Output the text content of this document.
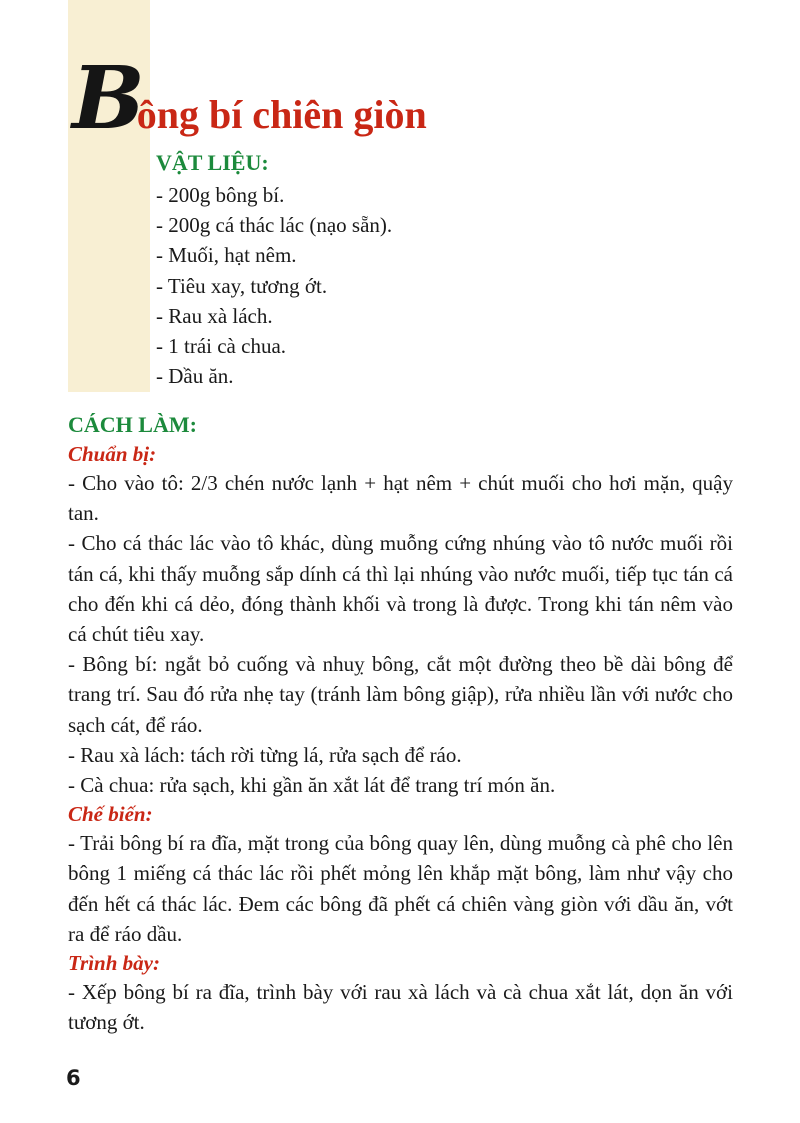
B
ông bí chiên giòn
VẬT LIỆU:
- 200g bông bí.
- 200g cá thác lác (nạo sẵn).
- Muối, hạt nêm.
- Tiêu xay, tương ớt.
- Rau xà lách.
- 1 trái cà chua.
- Dầu ăn.
CÁCH LÀM:
Chuẩn bị:

- Cho vào tô: 2/3 chén nước lạnh + hạt nêm + chút muối cho hơi mặn, quậy tan.

- Cho cá thác lác vào tô khác, dùng muỗng cứng nhúng vào tô nước muối rồi tán cá, khi thấy muỗng sắp dính cá thì lại nhúng vào nước muối, tiếp tục tán cá cho đến khi cá dẻo, đóng thành khối và trong là được. Trong khi tán nêm vào cá chút tiêu xay.

- Bông bí: ngắt bỏ cuống và nhuỵ bông, cắt một đường theo bề dài bông để trang trí. Sau đó rửa nhẹ tay (tránh làm bông giập), rửa nhiều lần với nước cho sạch cát, để ráo.

- Rau xà lách: tách rời từng lá, rửa sạch để ráo.

- Cà chua: rửa sạch, khi gần ăn xắt lát để trang trí món ăn.

Chế biến:

- Trải bông bí ra đĩa, mặt trong của bông quay lên, dùng muỗng cà phê cho lên bông 1 miếng cá thác lác rồi phết mỏng lên khắp mặt bông, làm như vậy cho đến hết cá thác lác. Đem các bông đã phết cá chiên vàng giòn với dầu ăn, vớt ra để ráo dầu.

Trình bày:

- Xếp bông bí ra đĩa, trình bày với rau xà lách và cà chua xắt lát, dọn ăn với tương ớt.

6
